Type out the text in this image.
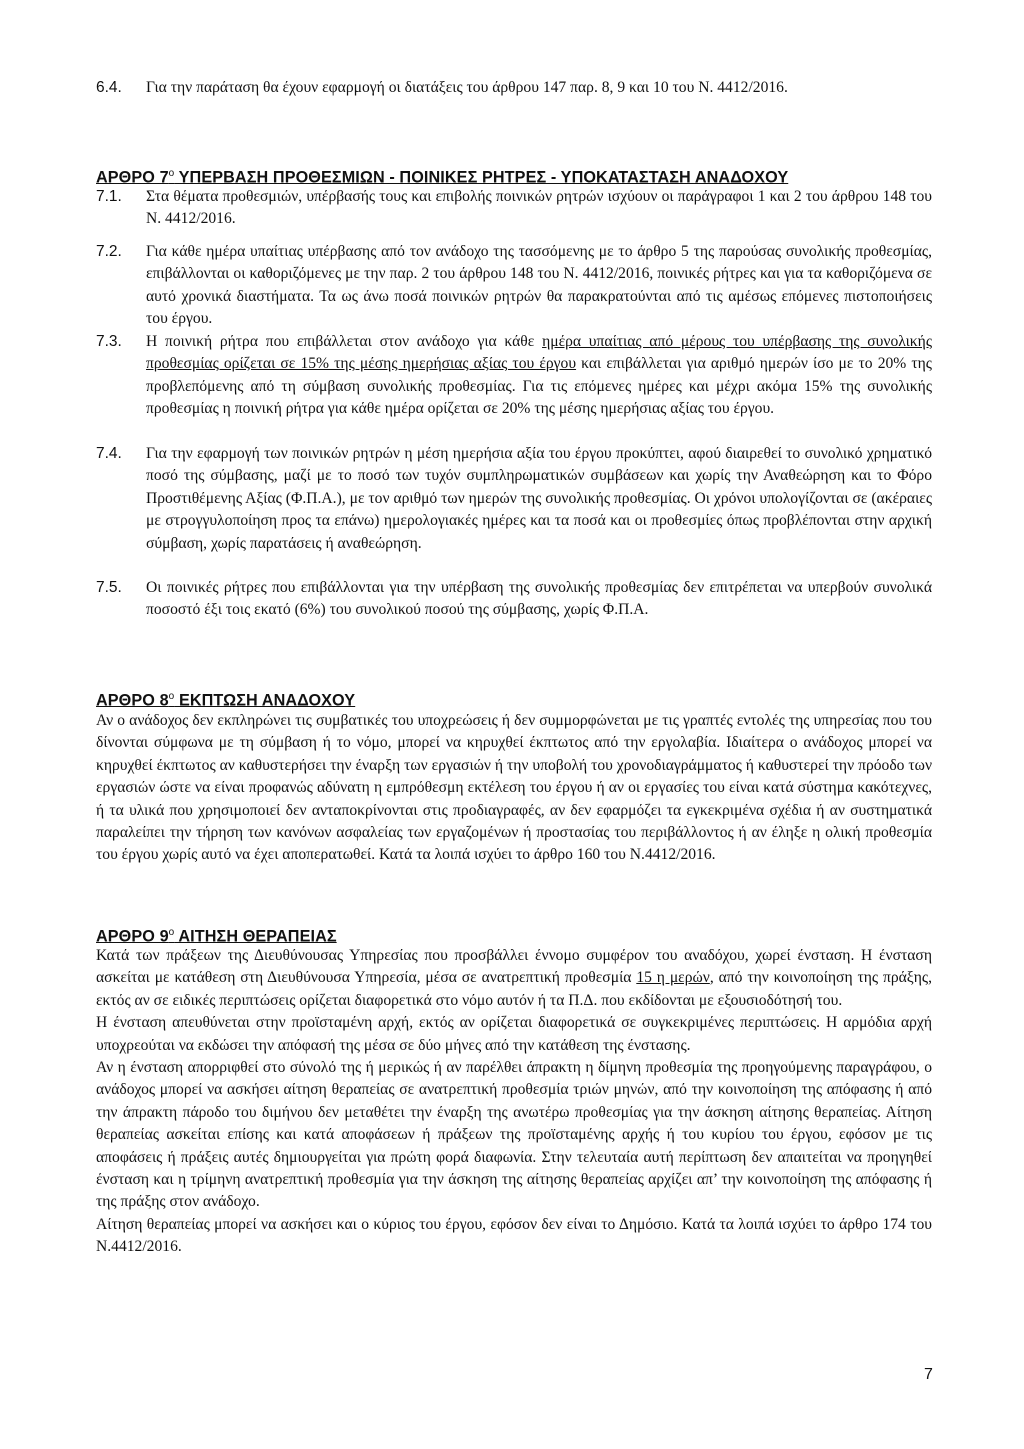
6.4. Για την παράταση θα έχουν εφαρμογή οι διατάξεις του άρθρου 147 παρ. 8, 9 και 10 του Ν. 4412/2016.
ΑΡΘΡΟ $7^o$ ΥΠΕΡΒΑΣΗ ΠΡΟΘΕΣΜΙΩΝ - ΠΟΙΝΙΚΕΣ ΡΗΤΡΕΣ - ΥΠΟΚΑΤΑΣΤΑΣΗ ΑΝΑΔΟΧΟΥ
7.1. Στα θέματα προθεσμιών, υπέρβασής τους και επιβολής ποινικών ρητρών ισχύουν οι παράγραφοι 1 και 2 του άρθρου 148 του Ν. 4412/2016.
7.2. Για κάθε ημέρα υπαίτιας υπέρβασης από τον ανάδοχο της τασσόμενης με το άρθρο 5 της παρούσας συνολικής προθεσμίας, επιβάλλονται οι καθοριζόμενες με την παρ. 2 του άρθρου 148 του Ν. 4412/2016, ποινικές ρήτρες και για τα καθοριζόμενα σε αυτό χρονικά διαστήματα. Τα ως άνω ποσά ποινικών ρητρών θα παρακρατούνται από τις αμέσως επόμενες πιστοποιήσεις του έργου.
7.3. Η ποινική ρήτρα που επιβάλλεται στον ανάδοχο για κάθε ημέρα υπαίτιας από μέρους του υπέρβασης της συνολικής προθεσμίας ορίζεται σε 15% της μέσης ημερήσιας αξίας του έργου και επιβάλλεται για αριθμό ημερών ίσο με το 20% της προβλεπόμενης από τη σύμβαση συνολικής προθεσμίας. Για τις επόμενες ημέρες και μέχρι ακόμα 15% της συνολικής προθεσμίας η ποινική ρήτρα για κάθε ημέρα ορίζεται σε 20% της μέσης ημερήσιας αξίας του έργου.
7.4. Για την εφαρμογή των ποινικών ρητρών η μέση ημερήσια αξία του έργου προκύπτει, αφού διαιρεθεί το συνολικό χρηματικό ποσό της σύμβασης, μαζί με το ποσό των τυχόν συμπληρωματικών συμβάσεων και χωρίς την Αναθεώρηση και το Φόρο Προστιθέμενης Αξίας (Φ.Π.Α.), με τον αριθμό των ημερών της συνολικής προθεσμίας. Οι χρόνοι υπολογίζονται σε (ακέραιες με στρογγυλοποίηση προς τα επάνω) ημερολογιακές ημέρες και τα ποσά και οι προθεσμίες όπως προβλέπονται στην αρχική σύμβαση, χωρίς παρατάσεις ή αναθεώρηση.
7.5. Οι ποινικές ρήτρες που επιβάλλονται για την υπέρβαση της συνολικής προθεσμίας δεν επιτρέπεται να υπερβούν συνολικά ποσοστό έξι τοις εκατό (6%) του συνολικού ποσού της σύμβασης, χωρίς Φ.Π.Α.
ΑΡΘΡΟ $8^o$ ΕΚΠΤΩΣΗ ΑΝΑΔΟΧΟΥ

Αν ο ανάδοχος δεν εκπληρώνει τις συμβατικές του υποχρεώσεις ή δεν συμμορφώνεται με τις γραπτές εντολές της υπηρεσίας που του δίνονται σύμφωνα με τη σύμβαση ή το νόμο, μπορεί να κηρυχθεί έκπτωτος από την εργολαβία. Ιδιαίτερα ο ανάδοχος μπορεί να κηρυχθεί έκπτωτος αν καθυστερήσει την έναρξη των εργασιών ή την υποβολή του χρονοδιαγράμματος ή καθυστερεί την πρόοδο των εργασιών ώστε να είναι προφανώς αδύνατη η εμπρόθεσμη εκτέλεση του έργου ή αν οι εργασίες του είναι κατά σύστημα κακότεχνες, ή τα υλικά που χρησιμοποιεί δεν ανταποκρίνονται στις προδιαγραφές, αν δεν εφαρμόζει τα εγκεκριμένα σχέδια ή αν συστηματικά παραλείπει την τήρηση των κανόνων ασφαλείας των εργαζομένων ή προστασίας του περιβάλλοντος ή αν έληξε η ολική προθεσμία του έργου χωρίς αυτό να έχει αποπερατωθεί. Κατά τα λοιπά ισχύει το άρθρο 160 του Ν.4412/2016.

ΑΡΘΡΟ $9^o$ ΑΙΤΗΣΗ ΘΕΡΑΠΕΙΑΣ

Κατά των πράξεων της Διευθύνουσας Υπηρεσίας που προσβάλλει έννομο συμφέρον του αναδόχου, χωρεί ένσταση. Η ένσταση ασκείται με κατάθεση στη Διευθύνουσα Υπηρεσία, μέσα σε ανατρεπτική προθεσμία 15 η μερών, από την κοινοποίηση της πράξης, εκτός αν σε ειδικές περιπτώσεις ορίζεται διαφορετικά στο νόμο αυτόν ή τα Π.Δ. που εκδίδονται με εξουσιοδότησή του.

Η ένσταση απευθύνεται στην προϊσταμένη αρχή, εκτός αν ορίζεται διαφορετικά σε συγκεκριμένες περιπτώσεις. Η αρμόδια αρχή υποχρεούται να εκδώσει την απόφασή της μέσα σε δύο μήνες από την κατάθεση της ένστασης.

Αν η ένσταση απορριφθεί στο σύνολό της ή μερικώς ή αν παρέλθει άπρακτη η δίμηνη προθεσμία της προηγούμενης παραγράφου, ο ανάδοχος μπορεί να ασκήσει αίτηση θεραπείας σε ανατρεπτική προθεσμία τριών μηνών, από την κοινοποίηση της απόφασης ή από την άπρακτη πάροδο του διμήνου δεν μεταθέτει την έναρξη της ανωτέρω προθεσμίας για την άσκηση αίτησης θεραπείας. Αίτηση θεραπείας ασκείται επίσης και κατά αποφάσεων ή πράξεων της προϊσταμένης αρχής ή του κυρίου του έργου, εφόσον με τις αποφάσεις ή πράξεις αυτές δημιουργείται για πρώτη φορά διαφωνία. Στην τελευταία αυτή περίπτωση δεν απαιτείται να προηγηθεί ένσταση και η τρίμηνη ανατρεπτική προθεσμία για την άσκηση της αίτησης θεραπείας αρχίζει απ’ την κοινοποίηση της απόφασης ή της πράξης στον ανάδοχο.

Αίτηση θεραπείας μπορεί να ασκήσει και ο κύριος του έργου, εφόσον δεν είναι το Δημόσιο. Κατά τα λοιπά ισχύει το άρθρο 174 του Ν.4412/2016.

7
